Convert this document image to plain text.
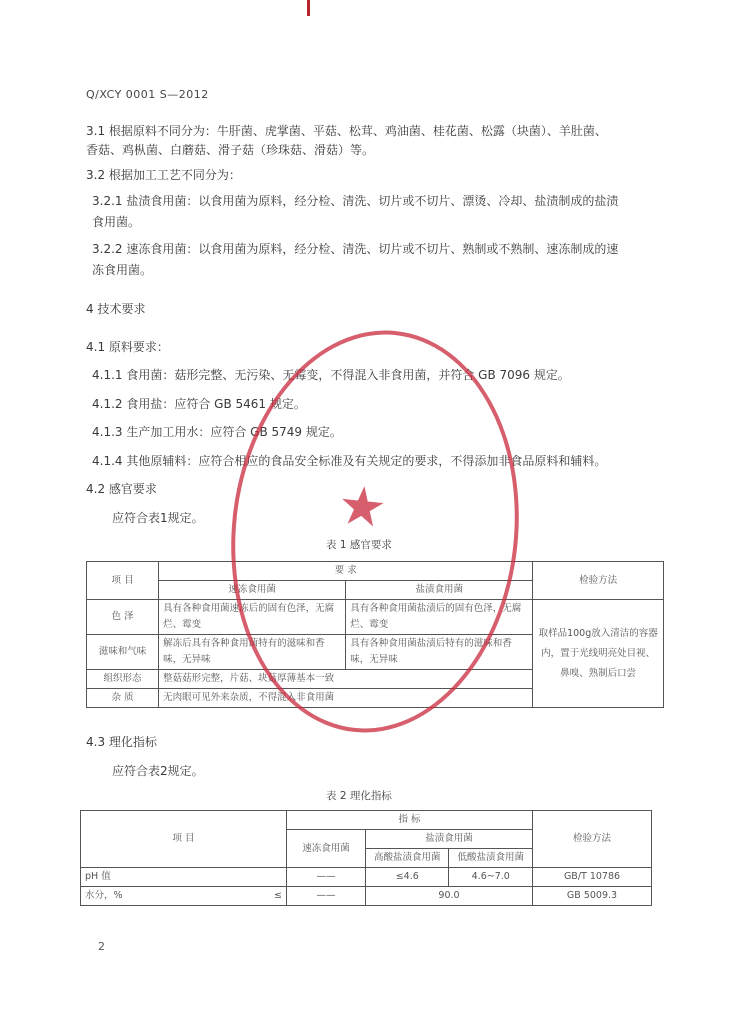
Q/XCY 0001 S—2012
3.1 根据原料不同分为：牛肝菌、虎掌菌、平菇、松茸、鸡油菌、桂花菌、松露（块菌）、羊肚菌、
香菇、鸡枞菌、白蘑菇、滑子菇（珍珠菇、滑菇）等。
3.2 根据加工工艺不同分为：
3.2.1 盐渍食用菌：以食用菌为原料，经分检、清洗、切片或不切片、漂烫、冷却、盐渍制成的盐渍
食用菌。
3.2.2 速冻食用菌：以食用菌为原料，经分检、清洗、切片或不切片、熟制或不熟制、速冻制成的速
冻食用菌。
4 技术要求
4.1 原料要求：
4.1.1 食用菌：菇形完整、无污染、无霉变，不得混入非食用菌，并符合 GB 7096 规定。
4.1.2 食用盐：应符合 GB 5461 规定。
4.1.3 生产加工用水：应符合 GB 5749 规定。
4.1.4 其他原辅料：应符合相应的食品安全标准及有关规定的要求，不得添加非食品原料和辅料。
4.2 感官要求
应符合表1规定。
表 1 感官要求
项 目	要 求		检验方法
	速冻食用菌	盐渍食用菌	
色 泽	具有各种食用菌速冻后的固有色泽，无腐烂、霉变	具有各种食用菌盐渍后的固有色泽，无腐烂、霉变	取样品100g放入清洁的容器内，置于光线明亮处目视、鼻嗅、熟制后口尝
滋味和气味	解冻后具有各种食用菌特有的滋味和香味，无异味	具有各种食用菌盐渍后特有的滋味和香味，无异味	
组织形态	整菇菇形完整，片菇、块菇厚薄基本一致		
杂 质	无肉眼可见外来杂质，不得混入非食用菌		
4.3 理化指标
应符合表2规定。
表 2 理化指标
项 目		指 标			检验方法
		速冻食用菌	盐渍食用菌		
			高酸盐渍食用菌	低酸盐渍食用菌	
pH 值		——	≤4.6	4.6~7.0	GB/T 10786
水分，%	≤	——	90.0		GB 5009.3
2
★
